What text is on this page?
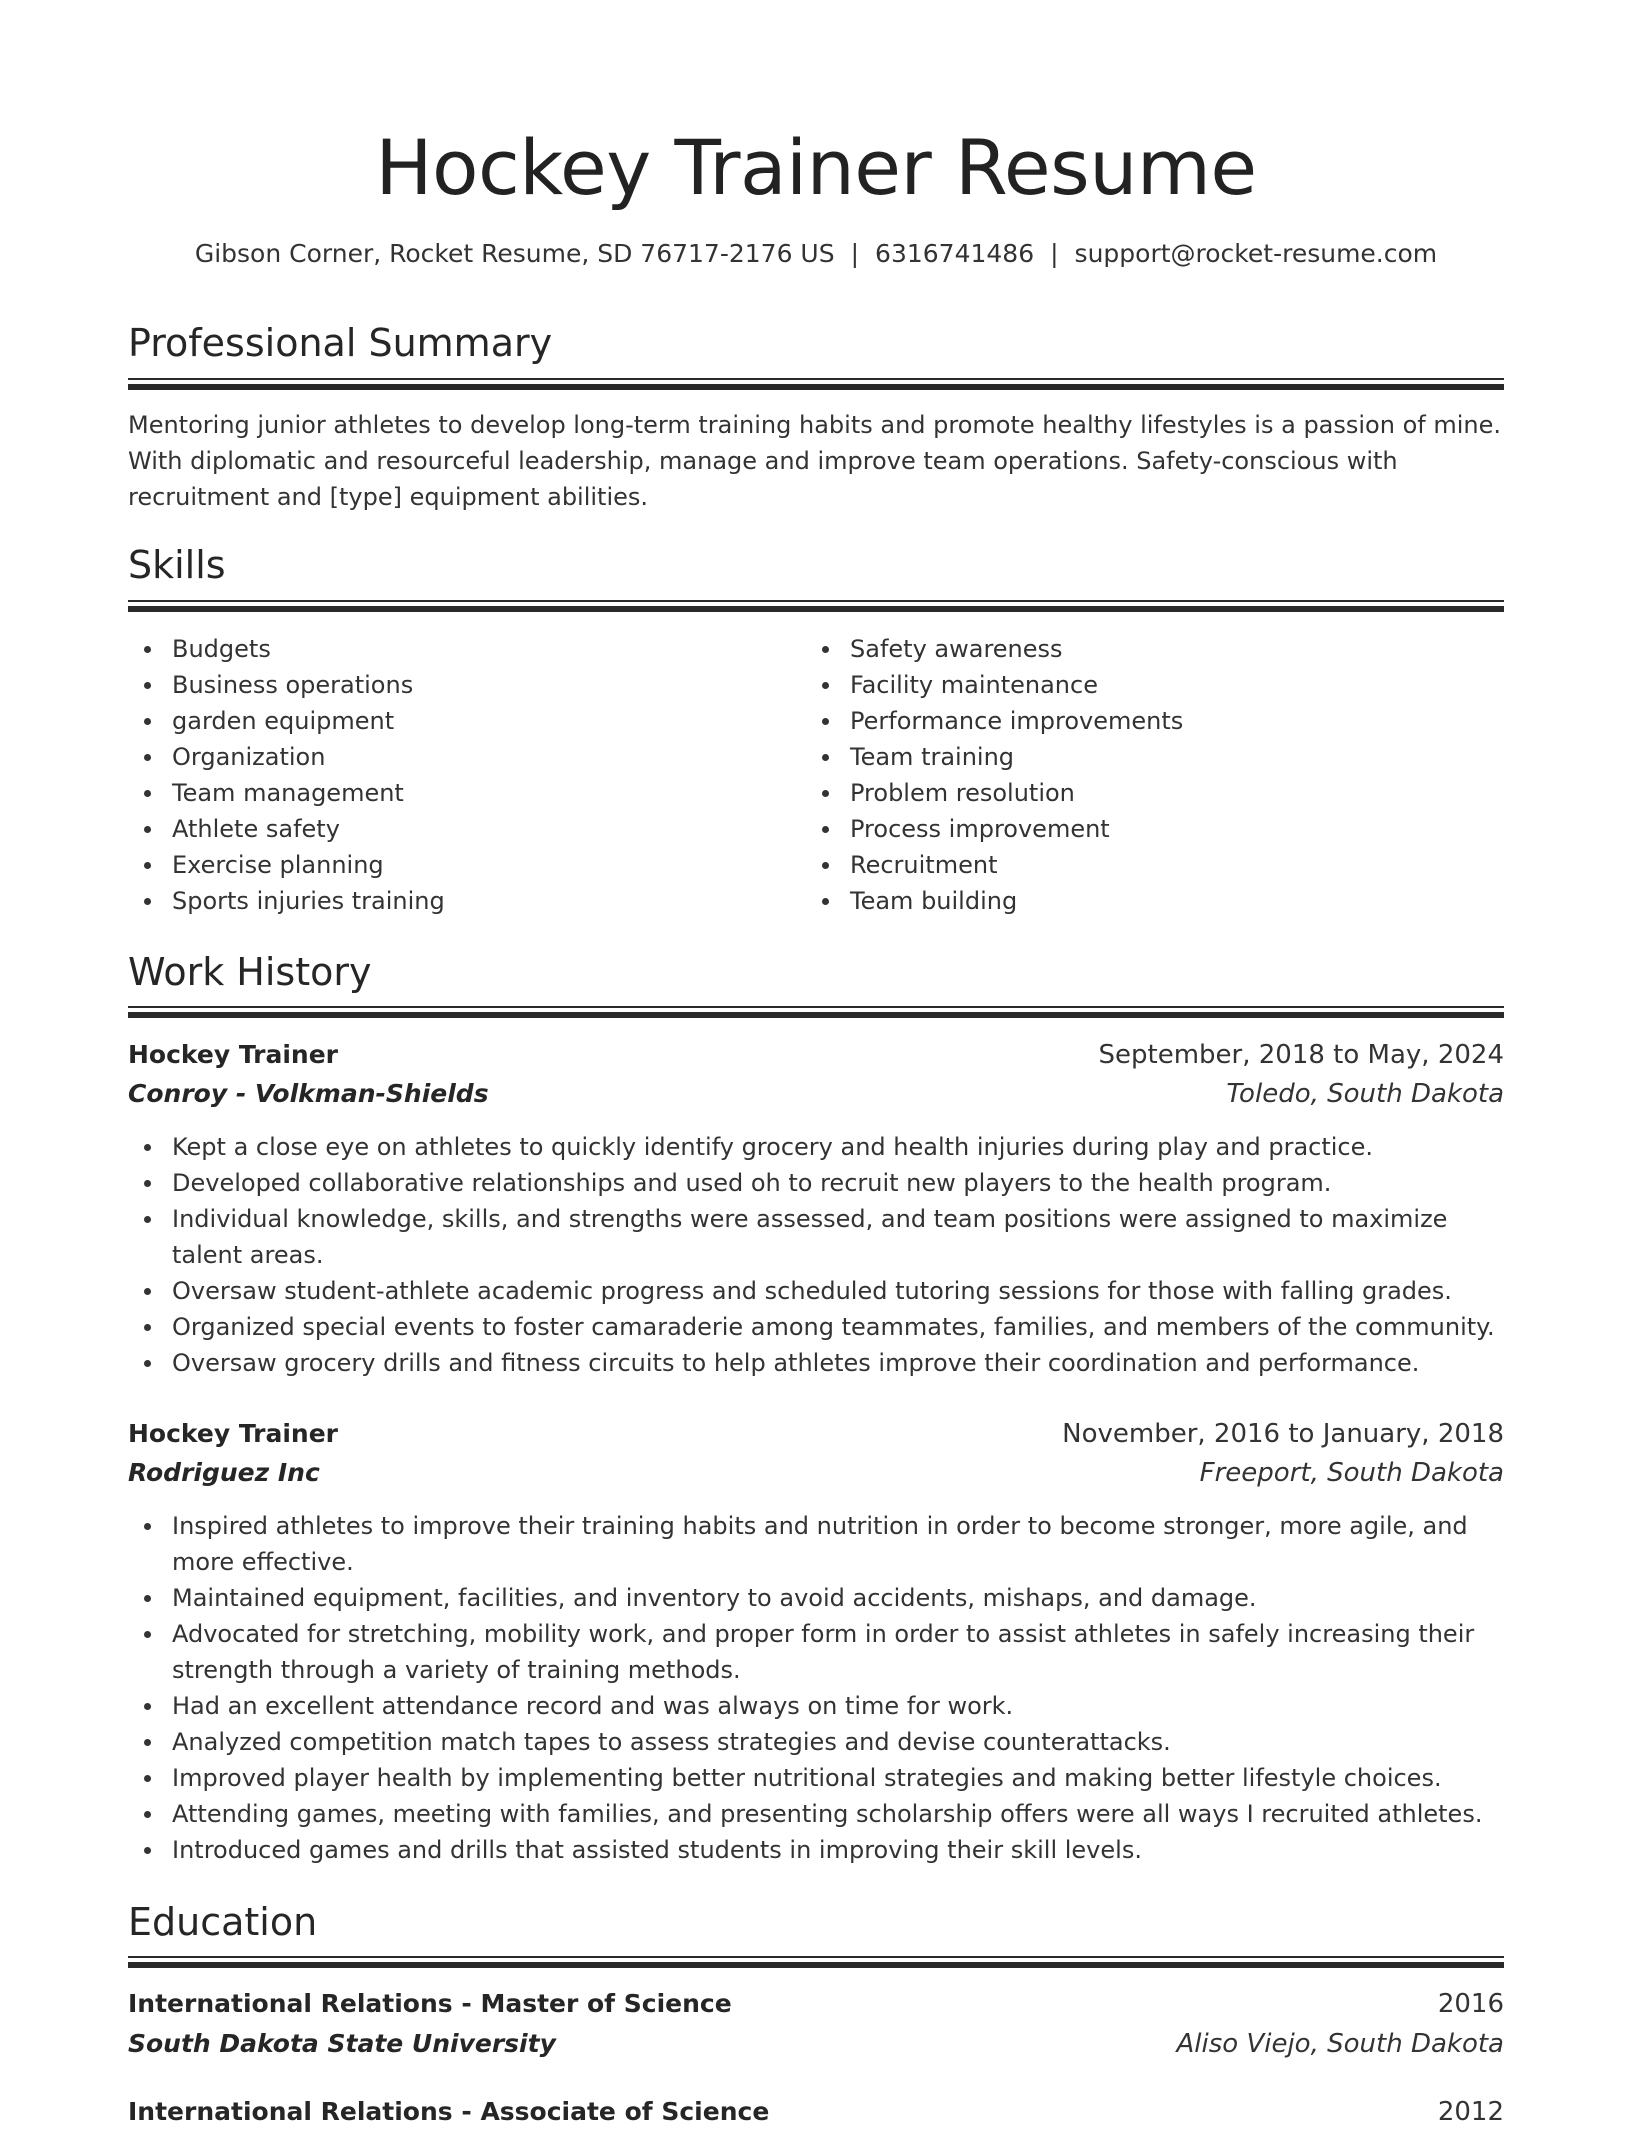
Hockey Trainer Resume
Gibson Corner, Rocket Resume, SD 76717-2176 US | 6316741486 | support@rocket-resume.com
Professional Summary
Mentoring junior athletes to develop long-term training habits and promote healthy lifestyles is a passion of mine. With diplomatic and resourceful leadership, manage and improve team operations. Safety-conscious with recruitment and [type] equipment abilities.
Skills
Budgets
Business operations
garden equipment
Organization
Team management
Athlete safety
Exercise planning
Sports injuries training
Safety awareness
Facility maintenance
Performance improvements
Team training
Problem resolution
Process improvement
Recruitment
Team building
Work History
Hockey Trainer	September, 2018 to May, 2024
Conroy - Volkman-Shields	Toledo, South Dakota
Kept a close eye on athletes to quickly identify grocery and health injuries during play and practice.
Developed collaborative relationships and used oh to recruit new players to the health program.
Individual knowledge, skills, and strengths were assessed, and team positions were assigned to maximize talent areas.
Oversaw student-athlete academic progress and scheduled tutoring sessions for those with falling grades.
Organized special events to foster camaraderie among teammates, families, and members of the community.
Oversaw grocery drills and fitness circuits to help athletes improve their coordination and performance.
Hockey Trainer	November, 2016 to January, 2018
Rodriguez Inc	Freeport, South Dakota
Inspired athletes to improve their training habits and nutrition in order to become stronger, more agile, and more effective.
Maintained equipment, facilities, and inventory to avoid accidents, mishaps, and damage.
Advocated for stretching, mobility work, and proper form in order to assist athletes in safely increasing their strength through a variety of training methods.
Had an excellent attendance record and was always on time for work.
Analyzed competition match tapes to assess strategies and devise counterattacks.
Improved player health by implementing better nutritional strategies and making better lifestyle choices.
Attending games, meeting with families, and presenting scholarship offers were all ways I recruited athletes.
Introduced games and drills that assisted students in improving their skill levels.
Education
International Relations - Master of Science	2016
South Dakota State University	Aliso Viejo, South Dakota
International Relations - Associate of Science	2012
